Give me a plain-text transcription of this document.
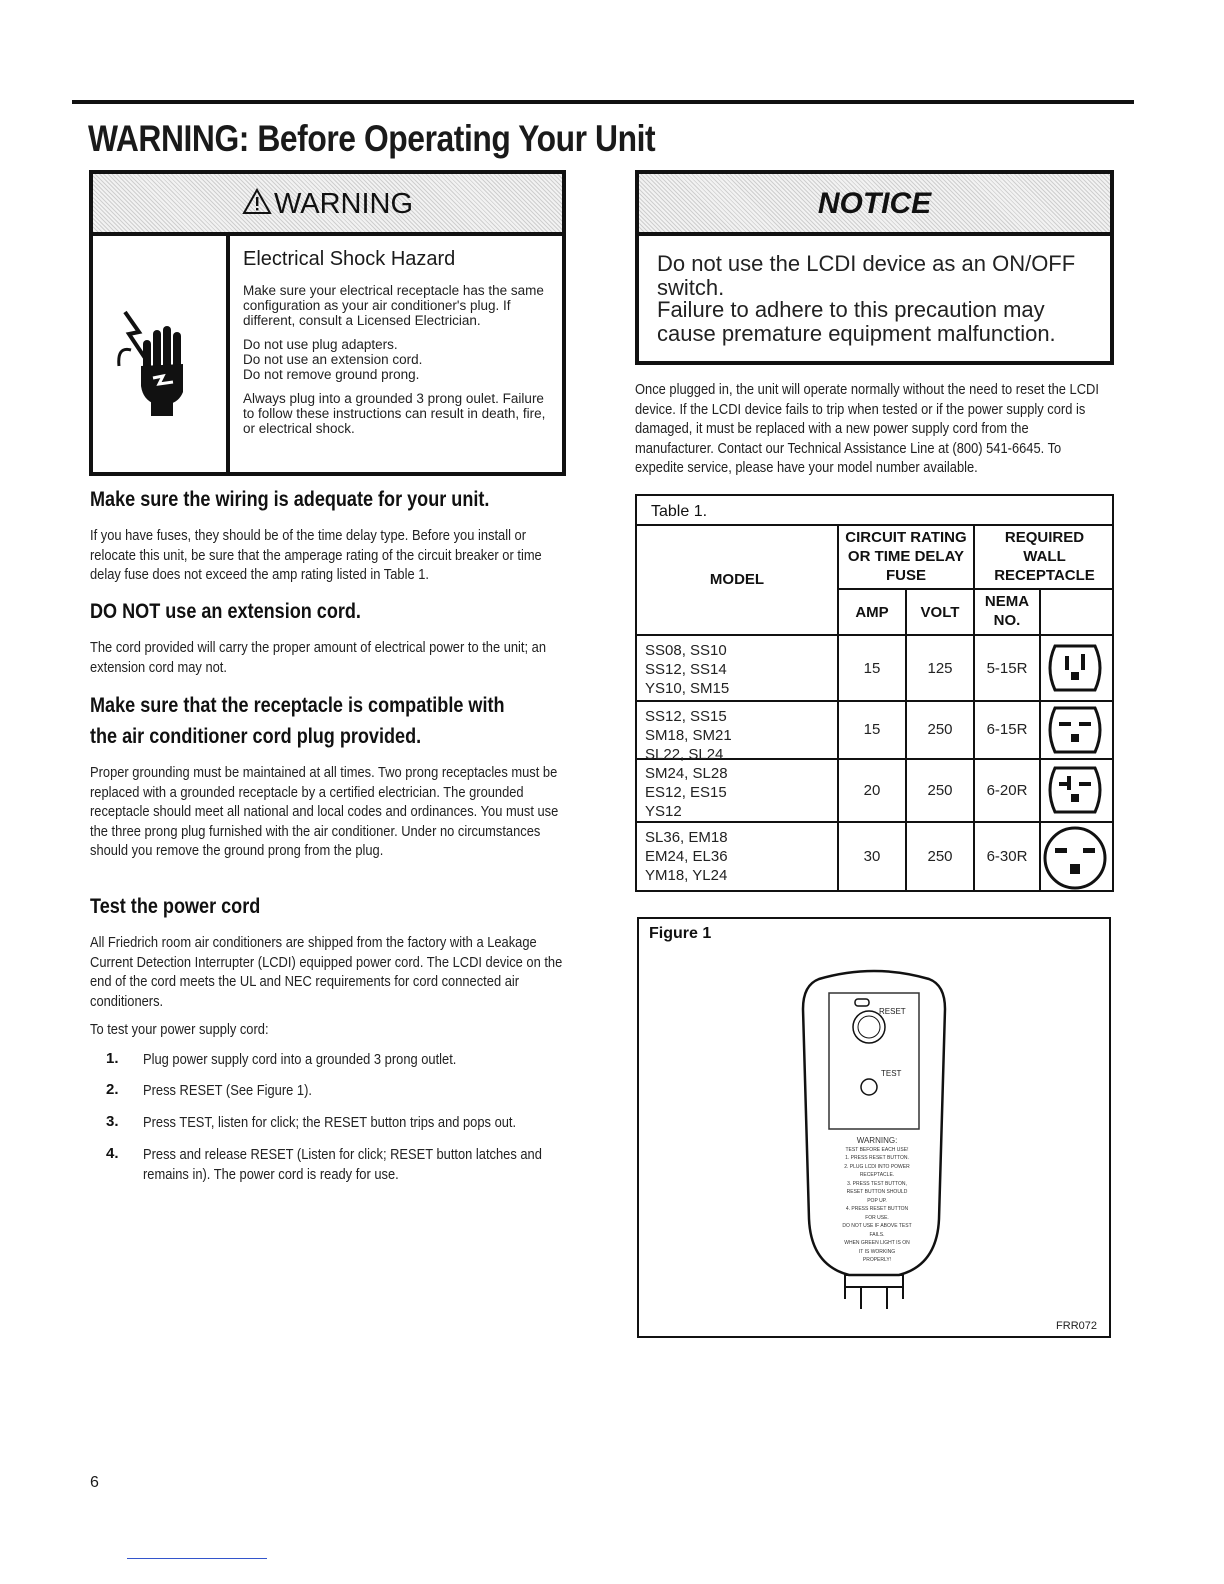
WARNING: Before Operating Your Unit
WARNING
Electrical Shock Hazard

Make sure your electrical receptacle has the same configuration as your air conditioner's plug. If different, consult a Licensed Electrician.

Do not use plug adapters.
Do not use an extension cord.
Do not remove ground prong.

Always plug into a grounded 3 prong oulet. Failure to follow these instructions can result in death, fire, or electrical shock.

NOTICE
Do not use the LCDI device as an ON/OFF switch.
Failure to adhere to this precaution may cause premature equipment malfunction.
Once plugged in, the unit will operate normally without the need to reset the LCDI device. If the LCDI device fails to trip when tested or if the power supply cord is damaged, it must be replaced with a new power supply cord from the manufacturer. Contact our Technical Assistance Line at (800) 541-6645. To expedite service, please have your model number available.
Make sure the wiring is adequate for your unit.
If you have fuses, they should be of the time delay type. Before you install or relocate this unit, be sure that the amperage rating of the circuit breaker or time delay fuse does not exceed the amp rating listed in Table 1.
DO NOT use an extension cord.
The cord provided will carry the proper amount of electrical power to the unit; an extension cord may not.
Make sure that the receptacle is compatible with
the air conditioner cord plug provided.
Proper grounding must be maintained at all times. Two prong receptacles must be replaced with a grounded receptacle by a certified electrician. The grounded receptacle should meet all national and local codes and ordinances. You must use the three prong plug furnished with the air conditioner. Under no circumstances should you remove the ground prong from the plug.
Test the power cord
All Friedrich room air conditioners are shipped from the factory with a Leakage Current Detection Interrupter (LCDI) equipped power cord. The LCDI device on the end of the cord meets the UL and NEC requirements for cord connected air conditioners.
To test your power supply cord:
1. Plug power supply cord into a grounded 3 prong outlet.
2. Press RESET (See Figure 1).
3. Press TEST, listen for click; the RESET button trips and pops out.
4. Press and release RESET (Listen for click; RESET button latches and remains in). The power cord is ready for use.
Table 1.
MODEL
CIRCUIT RATING
OR TIME DELAY
FUSE
REQUIRED
WALL
RECEPTACLE
AMP	VOLT
NEMA
NO.
SS08, SS10
SS12, SS14
YS10, SM15
15	125	5-15R
SS12, SS15
SM18, SM21
SL22, SL24
15	250	6-15R
SM24, SL28
ES12, ES15
YS12
20	250	6-20R
SL36, EM18
EM24, EL36
YM18, YL24
30	250	6-30R
Figure 1
RESET
TEST
WARNING:
TEST BEFORE EACH USE!
1. PRESS RESET BUTTON.
2. PLUG LCDI INTO POWER
RECEPTACLE.
3. PRESS TEST BUTTON,
RESET BUTTON SHOULD
POP UP.
4. PRESS RESET BUTTON
FOR USE.
DO NOT USE IF ABOVE TEST
FAILS.
WHEN GREEN LIGHT IS ON
IT IS WORKING
PROPERLY!
FRR072
6
